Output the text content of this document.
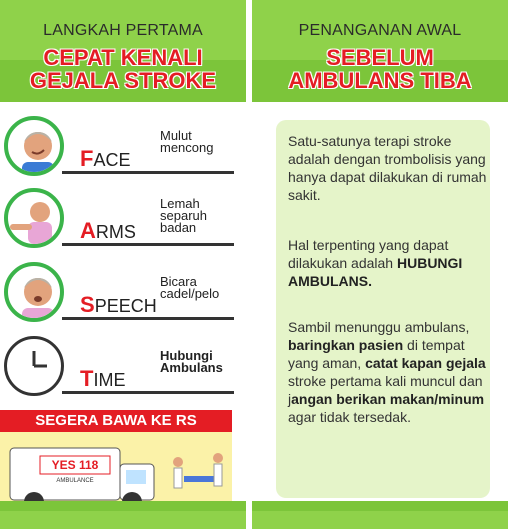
LANGKAH PERTAMA
CEPAT KENALI
GEJALA STROKE
FACE
Mulut
mencong
ARMS
Lemah
separuh
badan
SPEECH
Bicara
cadel/pelo
TIME
Hubungi
Ambulans
SEGERA BAWA KE RS
YES 118
AMBULANCE
PENANGANAN AWAL
SEBELUM
AMBULANS TIBA
Satu-satunya terapi stroke adalah dengan trombolisis yang hanya dapat dilakukan di rumah sakit.
Hal terpenting yang dapat dilakukan adalah HUBUNGI AMBULANS.
Sambil menunggu ambulans, baringkan pasien di tempat yang aman, catat kapan gejala stroke pertama kali muncul dan jangan berikan makan/minum agar tidak tersedak.
